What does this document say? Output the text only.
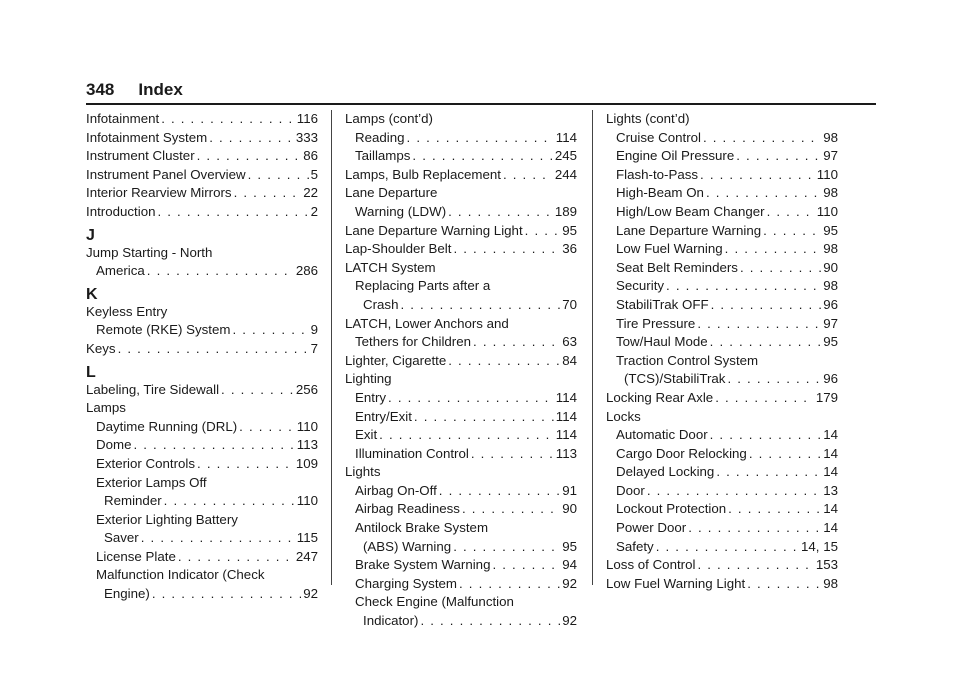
348 Index
Infotainment . . .	116
Infotainment System . . .	333
Instrument Cluster . . .	86
Instrument Panel Overview . . .	5
Interior Rearview Mirrors . . .	22
Introduction . . .	2
J
Jump Starting - North
America . . .	286
K
Keyless Entry
Remote (RKE) System . . .	9
Keys . . .	7
L
Labeling, Tire Sidewall . . .	256
Lamps
Daytime Running (DRL) . . .	110
Dome . . .	113
Exterior Controls . . .	109
Exterior Lamps Off
Reminder . . .	110
Exterior Lighting Battery
Saver . . .	115
License Plate . . .	247
Malfunction Indicator (Check
Engine) . . .	92
Lamps (cont’d)
Reading . . .	114
Taillamps . . .	245
Lamps, Bulb Replacement . . .	244
Lane Departure
Warning (LDW) . . .	189
Lane Departure Warning Light . . .	95
Lap-Shoulder Belt . . .	36
LATCH System
Replacing Parts after a
Crash . . .	70
LATCH, Lower Anchors and
Tethers for Children . . .	63
Lighter, Cigarette . . .	84
Lighting
Entry . . .	114
Entry/Exit . . .	114
Exit . . .	114
Illumination Control . . .	113
Lights
Airbag On-Off . . .	91
Airbag Readiness . . .	90
Antilock Brake System
(ABS) Warning . . .	95
Brake System Warning . . .	94
Charging System . . .	92
Check Engine (Malfunction
Indicator) . . .	92
Lights (cont’d)
Cruise Control . . .	98
Engine Oil Pressure . . .	97
Flash-to-Pass . . .	110
High-Beam On . . .	98
High/Low Beam Changer . . .	110
Lane Departure Warning . . .	95
Low Fuel Warning . . .	98
Seat Belt Reminders . . .	90
Security . . .	98
StabiliTrak OFF . . .	96
Tire Pressure . . .	97
Tow/Haul Mode . . .	95
Traction Control System
(TCS)/StabiliTrak . . .	96
Locking Rear Axle . . .	179
Locks
Automatic Door . . .	14
Cargo Door Relocking . . .	14
Delayed Locking . . .	14
Door . . .	13
Lockout Protection . . .	14
Power Door . . .	14
Safety . . .	14, 15
Loss of Control . . .	153
Low Fuel Warning Light . . .	98
